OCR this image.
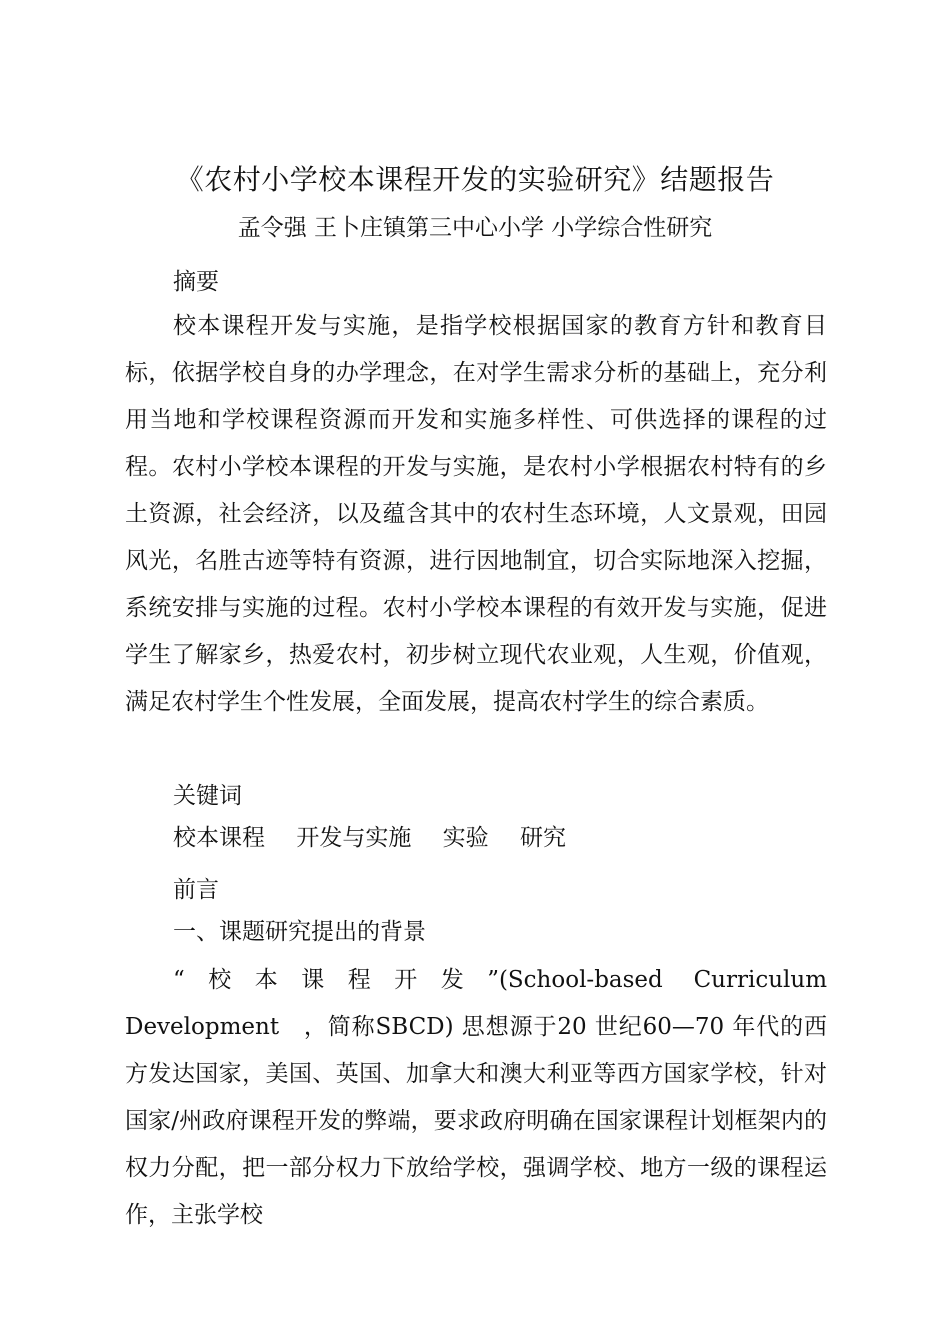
《农村小学校本课程开发的实验研究》结题报告
孟令强 王卜庄镇第三中心小学 小学综合性研究
摘要

校本课程开发与实施，是指学校根据国家的教育方针和教育目标，依据学校自身的办学理念，在对学生需求分析的基础上，充分利用当地和学校课程资源而开发和实施多样性、可供选择的课程的过程。农村小学校本课程的开发与实施，是农村小学根据农村特有的乡土资源，社会经济，以及蕴含其中的农村生态环境，人文景观，田园风光，名胜古迹等特有资源，进行因地制宜，切合实际地深入挖掘，系统安排与实施的过程。农村小学校本课程的有效开发与实施，促进学生了解家乡，热爱农村，初步树立现代农业观，人生观，价值观，满足农村学生个性发展，全面发展，提高农村学生的综合素质。

关键词
校本课程 开发与实施 实验 研究
前言
一、课题研究提出的背景

“校本课程开发”(School-based Curriculum Development　，简称SBCD) 思想源于20 世纪60—70 年代的西方发达国家，美国、英国、加拿大和澳大利亚等西方国家学校，针对国家/州政府课程开发的弊端，要求政府明确在国家课程计划框架内的权力分配，把一部分权力下放给学校，强调学校、地方一级的课程运作，主张学校
